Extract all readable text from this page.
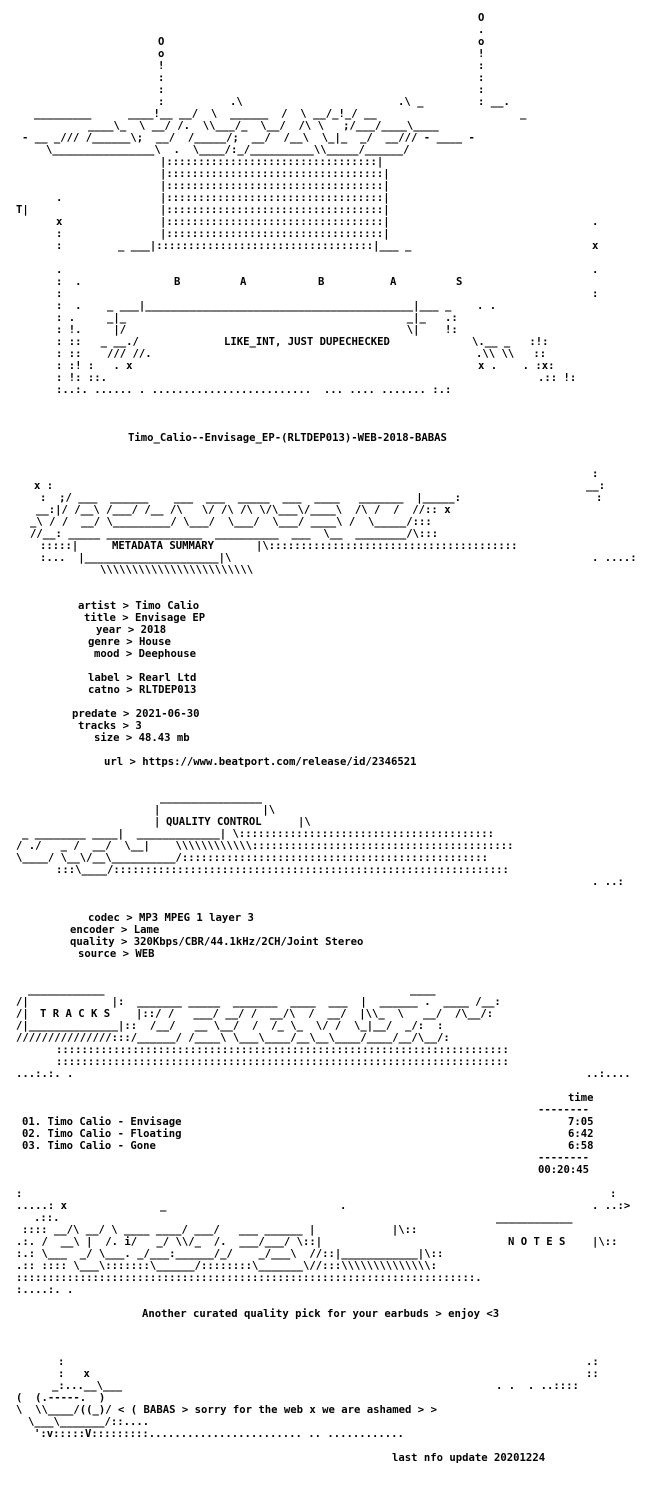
O
.
O	o
o	!
!	:
:	:
:	:
:	.\	.\ _	: __.
____!__ __/  \  ______  /  \ __/_!_/ __
_________	_
____\_  \ __/ /.  \\___/_  \__/  /\ \   ;/___/____\____
- __ _/// /______\;  __/  /_____/;  __/  /__\  \_|_  _/  __/// - ____ -
\________________\  .  \____/:_/__________\\_____/______/
|:::::::::::::::::::::::::::::::::|
|::::::::::::::::::::::::::::::::::|
|::::::::::::::::::::::::::::::::::|
.	|::::::::::::::::::::::::::::::::::|
T|	|::::::::::::::::::::::::::::::::::|
x	|::::::::::::::::::::::::::::::::::|	.
:	|::::::::::::::::::::::::::::::::::|
:	_ ___|::::::::::::::::::::::::::::::::::|___ _	x
.	.
:  .	B	A	B	A	S
:	:
:  .    _ ___|__________________________________________|___ _    . .
: .     _|_                                            _|_   .:
: !.     |/                                            \|    !:
: ::   _ __./	LIKE_INT, JUST DUPECHECKED	\.__ _   :!:
: ::    /// //.	.\\ \\   ::
: :! :   . x	x .    . :x:
: !: ::.	.:: !:
:..:. ...... . .........................  ... .... ....... :.:
Timo_Calio--Envisage_EP-(RLTDEP013)-WEB-2018-BABAS
:
x :	__:
:  ;/ ___  ______    ___  ___  _____  ___  ____   _______  |_____:	:
__:|/ /__\ /___/ /__ /\   \/ /\ /\ \/\___\/____\  /\ /  /  //:: x
_\ / /  __/ \_________/ \___/  \___/  \___/ ____\ /  \_____/:::
//__: _____ _______________  __________  ___  \__  ________/\:::
:::::|	METADATA SUMMARY	|\:::::::::::::::::::::::::::::::::::::::
:...  |_____________________|\	. ....:
\\\\\\\\\\\\\\\\\\\\\\\\
artist > Timo Calio
title > Envisage EP
year > 2018
genre > House
mood > Deephouse
label > Rearl Ltd
catno > RLTDEP013
predate > 2021-06-30
tracks > 3
size > 48.43 mb
url > https://www.beatport.com/release/id/2346521
________________
|                |\
| QUALITY CONTROL	|\
_ ________ ____|  _____________| \::::::::::::::::::::::::::::::::::::::::
/ ./   _ /  __/  \__|    \\\\\\\\\\\\:::::::::::::::::::::::::::::::::::::::::
\____/ \__\/__\__________/::::::::::::::::::::::::::::::::::::::::::::::::
:::\____/::::::::::::::::::::::::::::::::::::::::::::::::::::::::::::::
. ..:
codec > MP3 MPEG 1 layer 3
encoder > Lame
quality > 320Kbps/CBR/44.1kHz/2CH/Joint Stereo
source > WEB
____________	____
/|             |:  _______ _____  _______  ____  ___  |  ______ .  ____ /__:
/| T R A C K S |::/ /   ___/ __/ /  __/\  /  __/  |\\_  \   __/  /\__/:
/|______________|::  /__/   __ \__/  /  /_ \_  \/ /  \_|__/  _/:  :
///////////////:::/______/ /____\ \___\____/__\__\____/____/__/\__/:
:::::::::::::::::::::::::::::::::::::::::::::::::::::::::::::::::::::::
:::::::::::::::::::::::::::::::::::::::::::::::::::::::::::::::::::::::
...:.:. .	..:....
time
--------
01. Timo Calio - Envisage	7:05
02. Timo Calio - Floating	6:42
03. Timo Calio - Gone	6:58
--------
00:20:45
:	:
.....: x	_	.	. ..:>
.::.	____________
:::: __/\ __/ \ ____ ____/ ___/   ___ ______ |            |\::
.:. /  __\ |  /. i/   _/ \\/_  /.  ___/___/ \::|	N O T E S	|\::
:.: \___  _/ \___. _/___:______/_/    _/___\  //::|____________|\::
.:: :::: \___\:::::::\______/::::::::\_______\//:::\\\\\\\\\\\\\\:
::::::::::::::::::::::::::::::::::::::::::::::::::::::::::::::::::::::::.
:....:. .
Another curated quality pick for your earbuds > enjoy <3
:	.:
:   x	::
_:...__\___	. .  . ..::::
(  (.-----.  )
\  \\____/((_)/ < ( BABAS > sorry for the web x we are ashamed > >
\___\_______/::....
':v:::::V:::::::::........................ .. ............
last nfo update 20201224
